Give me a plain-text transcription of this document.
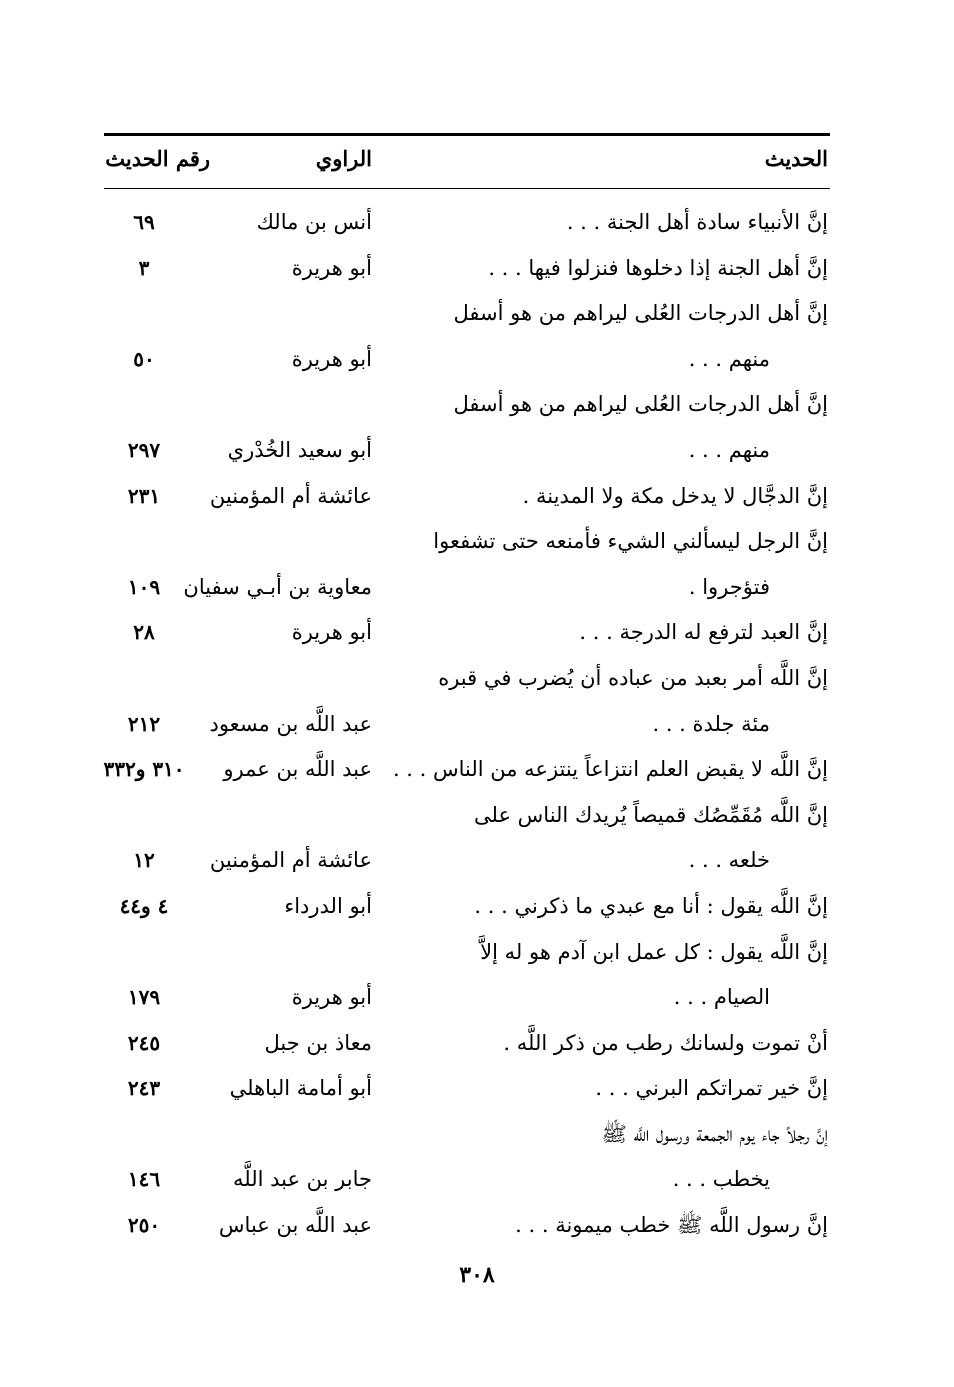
الحديث
الراوي
رقم الحديث
إنَّ الأنبياء سادة أهل الجنة . . .
أنس بن مالك
٦٩
إنَّ أهل الجنة إذا دخلوها فنزلوا فيها . . .
أبو هريرة
٣
إنَّ أهل الدرجات العُلى ليراهم من هو أسفل
منهم . . .
أبو هريرة
٥٠
إنَّ أهل الدرجات العُلى ليراهم من هو أسفل
منهم . . .
أبو سعيد الخُدْري
٢٩٧
إنَّ الدجَّال لا يدخل مكة ولا المدينة .
عائشة أم المؤمنين
٢٣١
إنَّ الرجل ليسألني الشيء فأمنعه حتى تشفعوا
فتؤجروا .
معاوية بن أبـي سفيان
١٠٩
إنَّ العبد لترفع له الدرجة . . .
أبو هريرة
٢٨
إنَّ اللَّه أمر بعبد من عباده أن يُضرب في قبره
مئة جلدة . . .
عبد اللَّه بن مسعود
٢١٢
إنَّ اللَّه لا يقبض العلم انتزاعاً ينتزعه من الناس . . .
عبد اللَّه بن عمرو
٣١٠ و٣٣٢
إنَّ اللَّه مُقَمِّصُك قميصاً يُريدك الناس على
خلعه . . .
عائشة أم المؤمنين
١٢
إنَّ اللَّه يقول : أنا مع عبدي ما ذكرني . . .
أبو الدرداء
٤ و٤٤
إنَّ اللَّه يقول : كل عمل ابن آدم هو له إلاَّ
الصيام . . .
أبو هريرة
١٧٩
أنْ تموت ولسانك رطب من ذكر اللَّه .
معاذ بن جبل
٢٤٥
إنَّ خير تمراتكم البرني . . .
أبو أمامة الباهلي
٢٤٣
إنَّ رجلاً جاء يوم الجمعة ورسول اللَّه ﷺ
يخطب . . .
جابر بن عبد اللَّه
١٤٦
إنَّ رسول اللَّه ﷺ خطب ميمونة . . .
عبد اللَّه بن عباس
٢٥٠
٣٠٨
